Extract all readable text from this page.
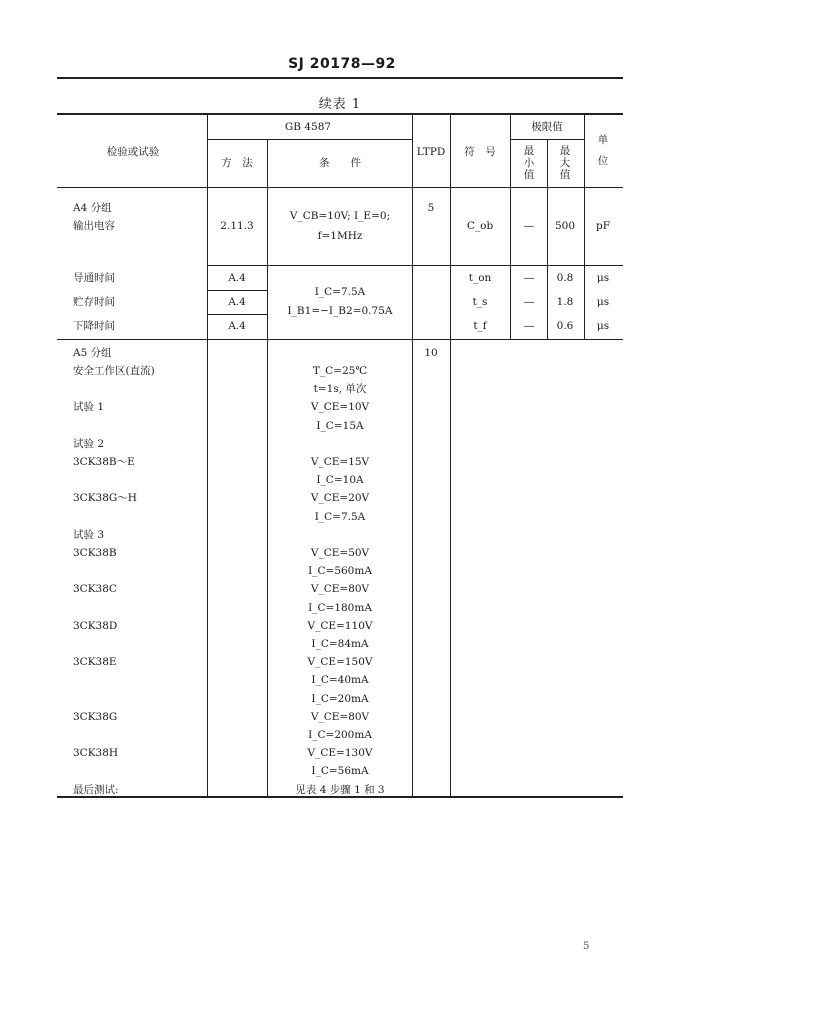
SJ 20178—92
续表 1
检验或试验
GB 4587
方　法	条　　件
LTPD 符　号
极限值
最
小
值
最
大
值
单
位
A4 分组
输出电容	2.11.3
V_CB=10V; I_E=0;
f=1MHz
5
C_ob	— 500 pF
I_C=7.5A
I_B1=−I_B2=0.75A
导通时间	A.4	t_on	— 0.8 μs
贮存时间	A.4	t_s	— 1.8 μs
下降时间	A.4	t_f	— 0.6 μs
A5 分组	10
安全工作区(直流)	T_C=25℃
t=1s, 单次
试验 1	V_CE=10V
I_C=15A
试验 2
3CK38B～E	V_CE=15V
I_C=10A
3CK38G～H	V_CE=20V
I_C=7.5A
试验 3
3CK38B	V_CE=50V
I_C=560mA
3CK38C	V_CE=80V
I_C=180mA
3CK38D	V_CE=110V
I_C=84mA
3CK38E	V_CE=150V
I_C=40mA
I_C=20mA
3CK38G	V_CE=80V
I_C=200mA
3CK38H	V_CE=130V
I_C=56mA
最后测试:	见表 4 步骤 1 和 3
5
